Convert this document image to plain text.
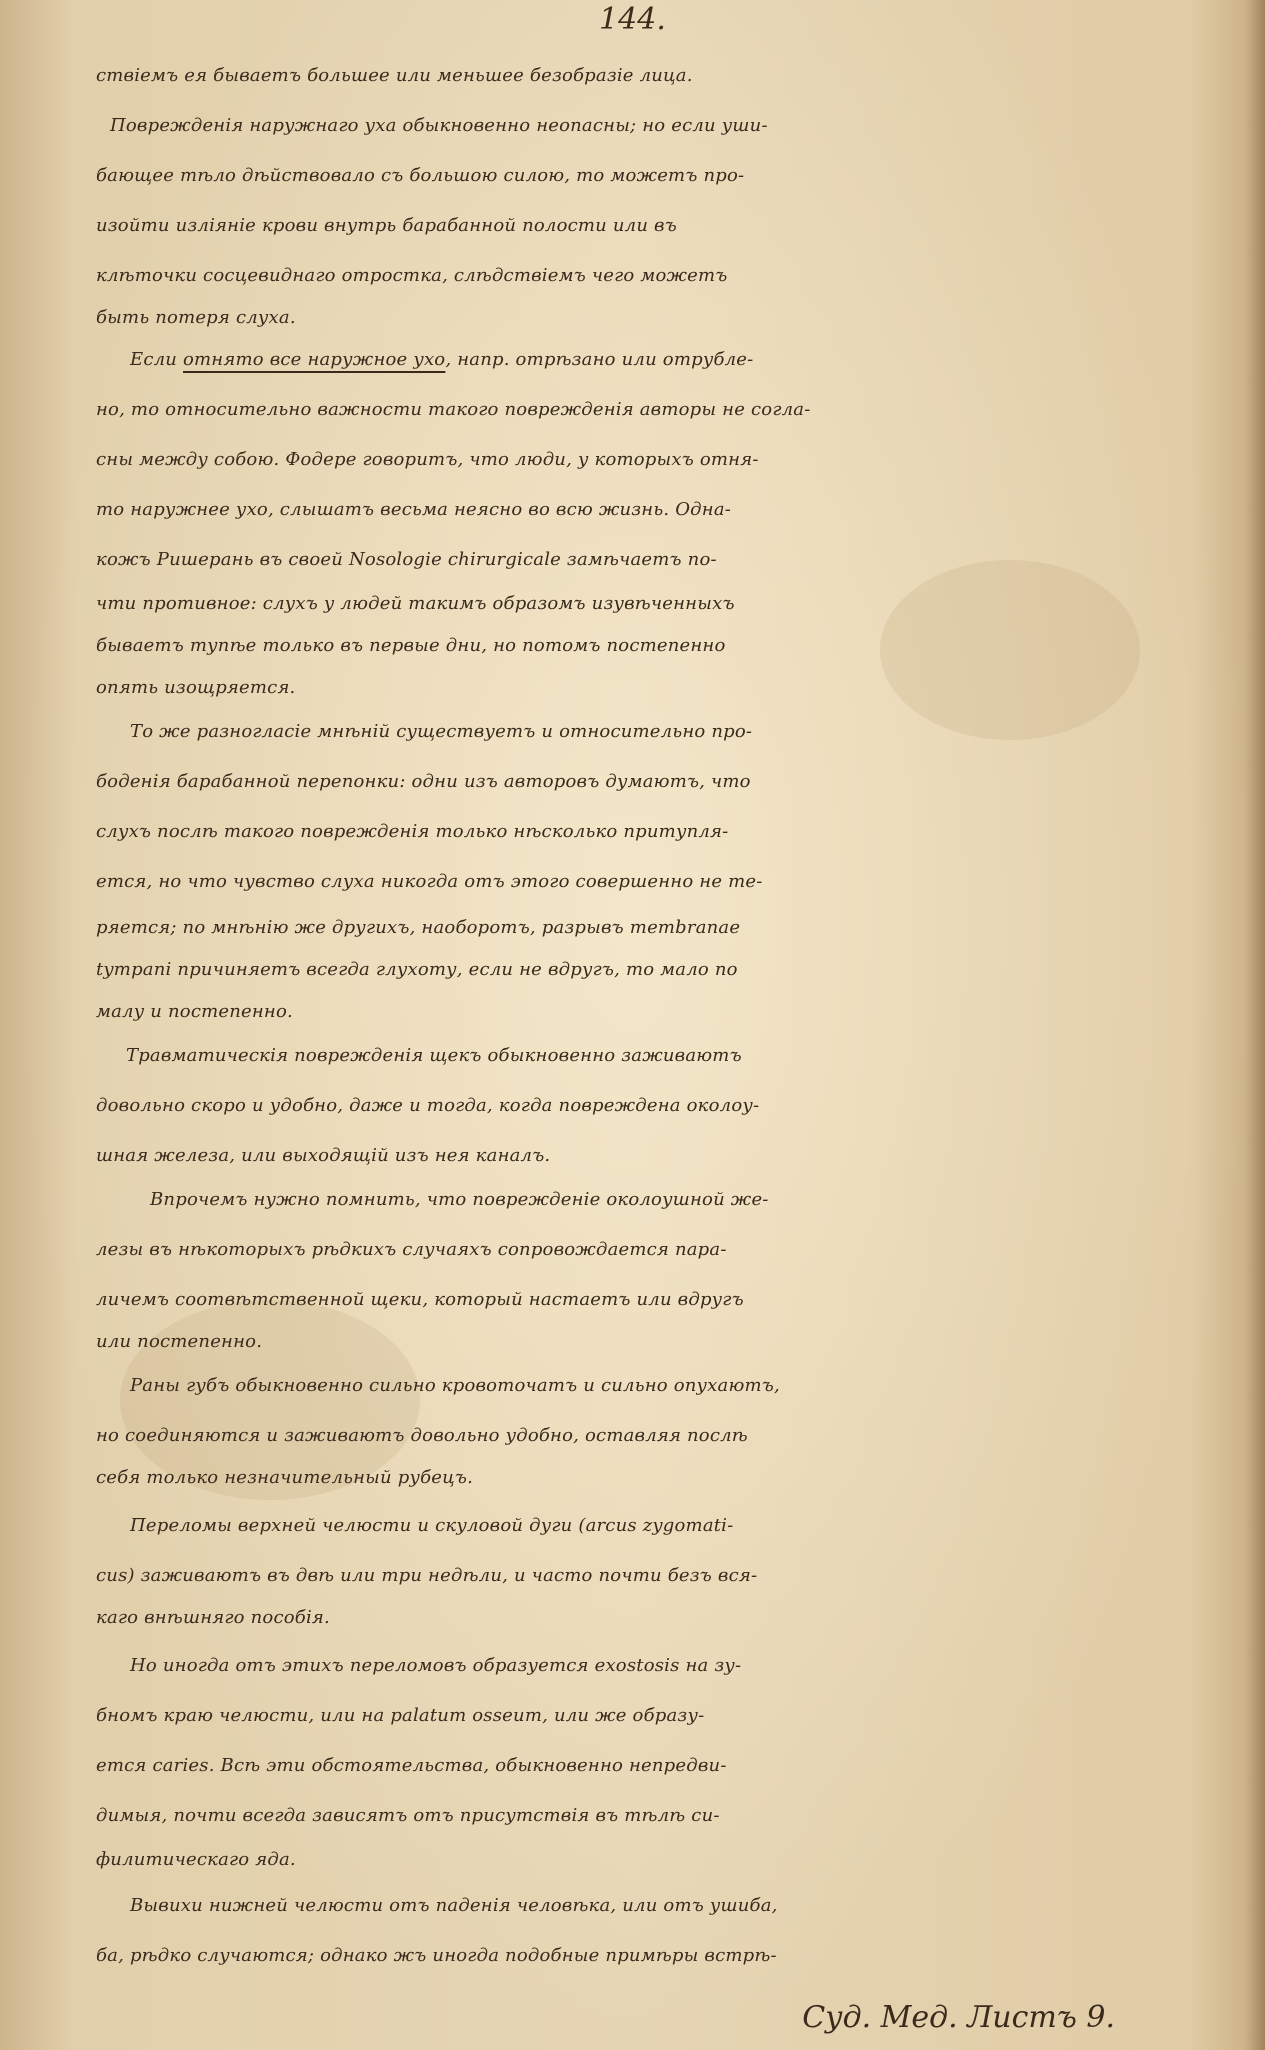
144.
ствіемъ ея бываетъ большее или меньшее безобразіе лица.
Поврежденія наружнаго уха обыкновенно неопасны; но если уши-
бающее тѣло дѣйствовало съ большою силою, то можетъ про-
изойти изліяніе крови внутрь барабанной полости или въ
клѣточки сосцевиднаго отростка, слѣдствіемъ чего можетъ
быть потеря слуха.
Если отнято все наружное ухо, напр. отрѣзано или отрубле-
но, то относительно важности такого поврежденія авторы не согла-
сны между собою. Фодере говоритъ, что люди, у которыхъ отня-
то наружнее ухо, слышатъ весьма неясно во всю жизнь. Одна-
кожъ Ришерань въ своей Nosologie chirurgicale замѣчаетъ по-
чти противное: слухъ у людей такимъ образомъ изувѣченныхъ
бываетъ тупѣе только въ первые дни, но потомъ постепенно
опять изощряется.
То же разногласіе мнѣній существуетъ и относительно про-
боденія барабанной перепонки: одни изъ авторовъ думаютъ, что
слухъ послѣ такого поврежденія только нѣсколько притупля-
ется, но что чувство слуха никогда отъ этого совершенно не те-
ряется; по мнѣнію же другихъ, наоборотъ, разрывъ membranae
tympani причиняетъ всегда глухоту, если не вдругъ, то мало по
малу и постепенно.
Травматическія поврежденія щекъ обыкновенно заживаютъ
довольно скоро и удобно, даже и тогда, когда повреждена околоу-
шная железа, или выходящій изъ нея каналъ.
Впрочемъ нужно помнить, что поврежденіе околоушной же-
лезы въ нѣкоторыхъ рѣдкихъ случаяхъ сопровождается пара-
личемъ соотвѣтственной щеки, который настаетъ или вдругъ
или постепенно.
Раны губъ обыкновенно сильно кровоточатъ и сильно опухаютъ,
но соединяются и заживаютъ довольно удобно, оставляя послѣ
себя только незначительный рубецъ.
Переломы верхней челюсти и скуловой дуги (arcus zygomati-
cus) заживаютъ въ двѣ или три недѣли, и часто почти безъ вся-
каго внѣшняго пособія.
Но иногда отъ этихъ переломовъ образуется exostosis на зу-
бномъ краю челюсти, или на palatum osseum, или же образу-
ется caries. Всѣ эти обстоятельства, обыкновенно непредви-
димыя, почти всегда зависятъ отъ присутствія въ тѣлѣ си-
филитическаго яда.
Вывихи нижней челюсти отъ паденія человѣка, или отъ ушиба,
ба, рѣдко случаются; однако жъ иногда подобные примѣры встрѣ-
Суд. Мед. Листъ 9.
